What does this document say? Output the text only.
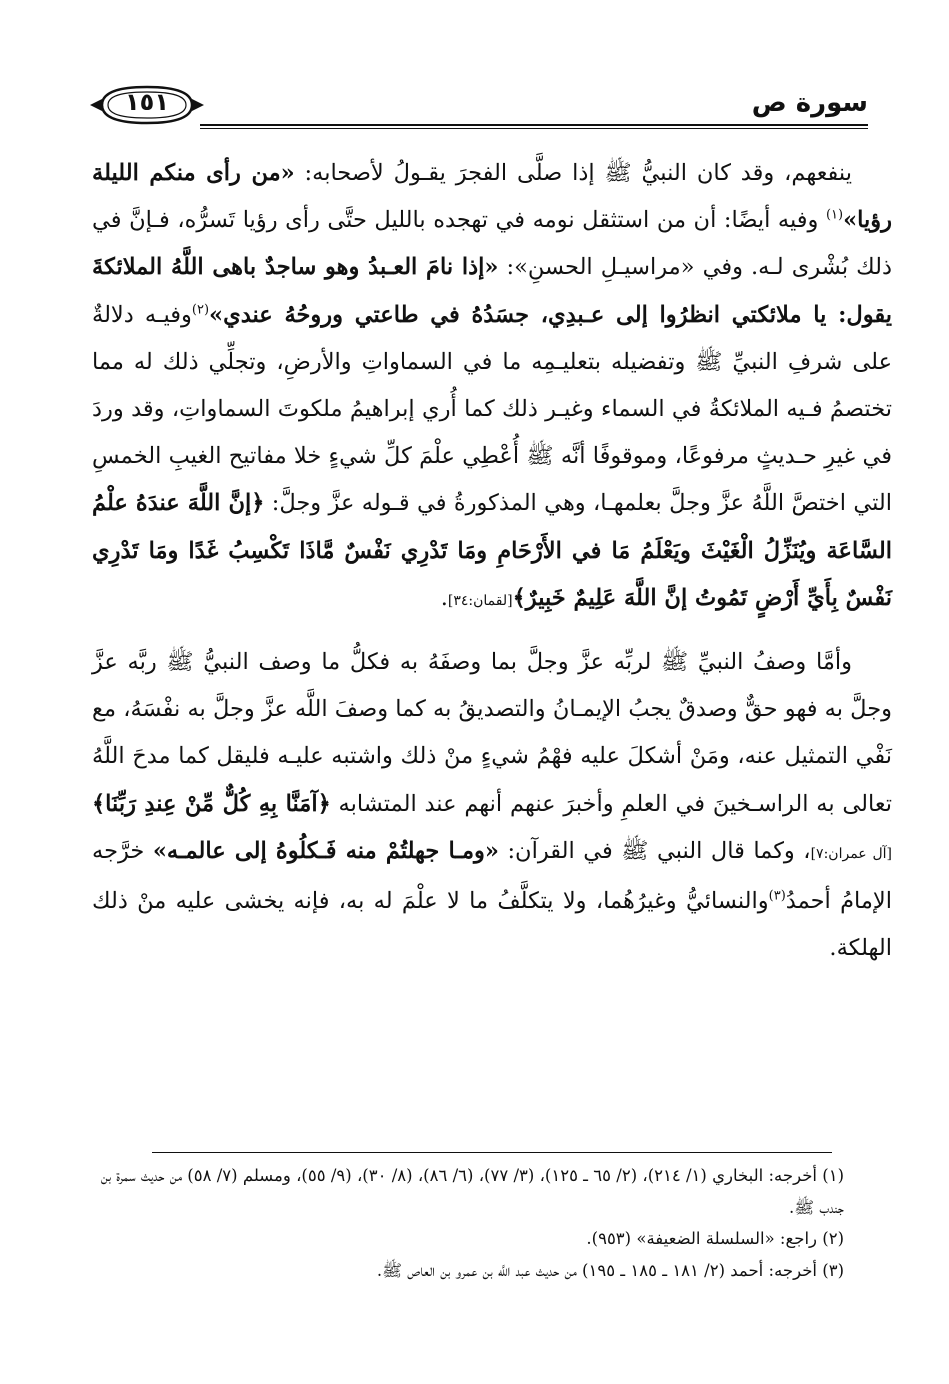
١٥١	سورة ص

ينفعهم، وقد كان النبيُّ ﷺ إذا صلَّى الفجرَ يقـولُ لأصحابه: «من رأى منكم الليلة رؤيا»$^{(١)}$ وفيه أيضًا: أن من استثقل نومه في تهجده بالليل حتَّى رأى رؤيا تَسرُّه، فـإنَّ في ذلك بُشْرى لـه. وفي «مراسيـلِ الحسنِ»: «إذا نامَ العـبدُ وهو ساجدٌ باهى اللَّهُ الملائكةَ يقول: يا ملائكتي انظرُوا إلى عـبدِي، جسَدُهُ في طاعتي وروحُهُ عندي»$^{(٢)}$وفيـه دلالةٌ على شرفِ النبيِّ ﷺ وتفضيله بتعليـمِه ما في السماواتِ والأرضِ، وتجلِّي ذلك له مما تختصمُ فـيه الملائكةُ في السماء وغيـر ذلك كما أُري إبراهيمُ ملكوتَ السماواتِ، وقد وردَ في غيرِ حـديثٍ مرفوعًا، وموقوفًا أنَّه ﷺ أُعْطِي علْمَ كلِّ شيءٍ خلا مفاتيح الغيبِ الخمسِ التي اختصَّ اللَّهُ عزَّ وجلَّ بعلمهـا، وهي المذكورةُ في قـوله عزَّ وجلَّ: ﴿إنَّ اللَّهَ عندَهُ علْمُ السَّاعَة ويُنَزِّلُ الْغَيْثَ ويَعْلَمُ مَا في الأَرْحَامِ ومَا تَدْرِي نَفْسٌ مَّاذَا تَكْسِبُ غَدًا ومَا تَدْرِي نَفْسٌ بِأَيِّ أَرْضٍ تَمُوتُ إنَّ اللَّهَ عَلِيمٌ خَبِيرٌ﴾[لقمان:٣٤].

وأمَّا وصفُ النبيِّ ﷺ لربِّه عزَّ وجلَّ بما وصفَهُ به فكلُّ ما وصف النبيُّ ﷺ ربَّه عزَّ وجلَّ به فهو حقٌّ وصدقٌ يجبُ الإيمـانُ والتصديقُ به كما وصفَ اللَّه عزَّ وجلَّ به نفْسَهُ، مع نَفْي التمثيل عنه، ومَنْ أشكلَ عليه فهْمُ شيءٍ منْ ذلك واشتبه عليـه فليقل كما مدحَ اللَّهُ تعالى به الراسـخينَ في العلمِ وأخبرَ عنهم أنهم عند المتشابه ﴿آمَنَّا بِهِ كُلٌّ مِّنْ عِندِ رَبِّنَا﴾ [آل عمران:٧]، وكما قال النبي ﷺ في القرآن: «ومـا جهلتُمْ منه فَـكلُوهُ إلى عالمـه» خرَّجه الإمامُ أحمدُ$^{(٣)}$والنسائيُّ وغيرُهُما، ولا يتكلَّفُ ما لا علْمَ له به، فإنه يخشى عليه منْ ذلك الهلكة.

(١) أخرجه: البخاري (١/ ٢١٤)، (٢/ ٦٥ ـ ١٢٥)، (٣/ ٧٧)، (٦/ ٨٦)، (٨/ ٣٠)، (٩/ ٥٥)، ومسلم (٧/ ٥٨) من حديث سمرة بن جندب ﷺ.

(٢) راجع: «السلسلة الضعيفة» (٩٥٣).

(٣) أخرجه: أحمد (٢/ ١٨١ ـ ١٨٥ ـ ١٩٥) من حديث عبد اللَّه بن عمرو بن العاص ﷺ.
